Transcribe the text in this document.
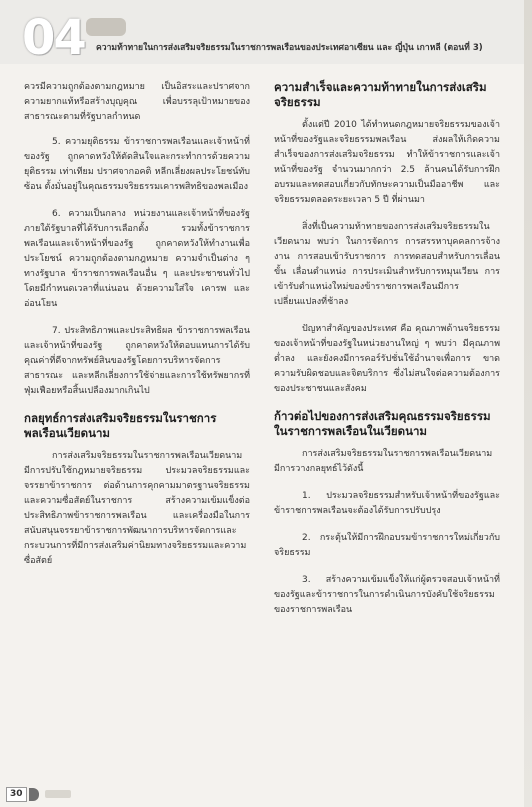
04 ความท้าทายในการส่งเสริมจริยธรรมในราชการพลเรือนของประเทศอาเซียน และ ญี่ปุ่น เกาหลี (ตอนที่ 3)

ควรมีความถูกต้องตามกฎหมาย เป็นอิสระและปราศจากความยากแท้หรือสร้างบุญคุณ เพื่อบรรลุเป้าหมายของสาธารณะตามที่รัฐบาลกำหนด

5. ความยุติธรรม ข้าราชการพลเรือนและเจ้าหน้าที่ของรัฐ ถูกคาดหวังให้ตัดสินใจและกระทำการด้วยความยุติธรรม เท่าเทียม ปราศจากอคติ หลีกเลี่ยงผลประโยชน์ทับซ้อน ตั้งมั่นอยู่ในคุณธรรมจริยธรรมเคารพสิทธิของพลเมือง

6. ความเป็นกลาง หน่วยงานและเจ้าหน้าที่ของรัฐภายใต้รัฐบาลที่ได้รับการเลือกตั้ง รวมทั้งข้าราชการพลเรือนและเจ้าหน้าที่ของรัฐ ถูกคาดหวังให้ทำงานเพื่อประโยชน์ ความถูกต้องตามกฎหมาย ความจำเป็นต่าง ๆ ทางรัฐบาล ข้าราชการพลเรือนอื่น ๆ และประชาชนทั่วไป โดยมีกำหนดเวลาที่แน่นอน ด้วยความใส่ใจ เคารพ และอ่อนโยน

7. ประสิทธิภาพและประสิทธิผล ข้าราชการพลเรือนและเจ้าหน้าที่ของรัฐ ถูกคาดหวังให้ตอบแทนการได้รับคุณค่าที่ดีจากทรัพย์สินของรัฐโดยการบริหารจัดการสาธารณะ และหลีกเลี่ยงการใช้จ่ายและการใช้ทรัพยากรที่ฟุ่มเฟือยหรือสิ้นเปลืองมากเกินไป

กลยุทธ์การส่งเสริมจริยธรรมในราชการพลเรือนเวียดนาม

การส่งเสริมจริยธรรมในราชการพลเรือนเวียดนาม มีการปรับใช้กฎหมายจริยธรรม ประมวลจริยธรรมและจรรยาข้าราชการ ต่อด้านการคุกคามมาตรฐานจริยธรรมและความซื่อสัตย์ในราชการ สร้างความเข้มแข็งต่อประสิทธิภาพข้าราชการพลเรือน และเครื่องมือในการสนับสนุนจรรยาข้าราชการพัฒนาการบริหารจัดการและกระบวนการที่มีการส่งเสริมค่านิยมทางจริยธรรมและความซื่อสัตย์

ความสำเร็จและความท้าทายในการส่งเสริมจริยธรรม

ตั้งแต่ปี 2010 ได้ทำหนดกฎหมายจริยธรรมของเจ้าหน้าที่ของรัฐและจริยธรรมพลเรือน ส่งผลให้เกิดความสำเร็จของการส่งเสริมจริยธรรม ทำให้ข้าราชการและเจ้าหน้าที่ของรัฐ จำนวนมากกว่า 2.5 ล้านคนได้รับการฝึกอบรมและทดสอบเกี่ยวกับทักษะความเป็นมืออาชีพ และจริยธรรมตลอดระยะเวลา 5 ปี ที่ผ่านมา

สิ่งที่เป็นความท้าทายของการส่งเสริมจริยธรรมในเวียดนาม พบว่า ในการจัดการ การสรรหาบุคคลการจ้างงาน การสอบเข้ารับราชการ การทดสอบสำหรับการเลื่อนขั้น เลื่อนตำแหน่ง การประเมินสำหรับการหมุนเวียน การเข้ารับตำแหน่งใหม่ของข้าราชการพลเรือนมีการเปลี่ยนแปลงที่ช้าลง

ปัญหาสำคัญของประเทศ คือ คุณภาพด้านจริยธรรมของเจ้าหน้าที่ของรัฐในหน่วยงานใหญ่ ๆ พบว่า มีคุณภาพต่ำลง และยังคงมีการคอร์รัปชั่นใช้อำนาจเพื่อการ ขาดความรับผิดชอบและจิตบริการ ซึ่งไม่สนใจต่อความต้องการของประชาชนและสังคม

ก้าวต่อไปของการส่งเสริมคุณธรรมจริยธรรมในราชการพลเรือนในเวียดนาม

การส่งเสริมจริยธรรมในราชการพลเรือนเวียดนาม มีการวางกลยุทธ์ไว้ดังนี้

1. ประมวลจริยธรรมสำหรับเจ้าหน้าที่ของรัฐและข้าราชการพลเรือนจะต้องได้รับการปรับปรุง

2. กระตุ้นให้มีการฝึกอบรมข้าราชการใหม่เกี่ยวกับจริยธรรม

3. สร้างความเข้มแข็งให้แก่ผู้ตรวจสอบเจ้าหน้าที่ของรัฐและข้าราชการในการดำเนินการบังคับใช้จริยธรรมของราชการพลเรือน

30
